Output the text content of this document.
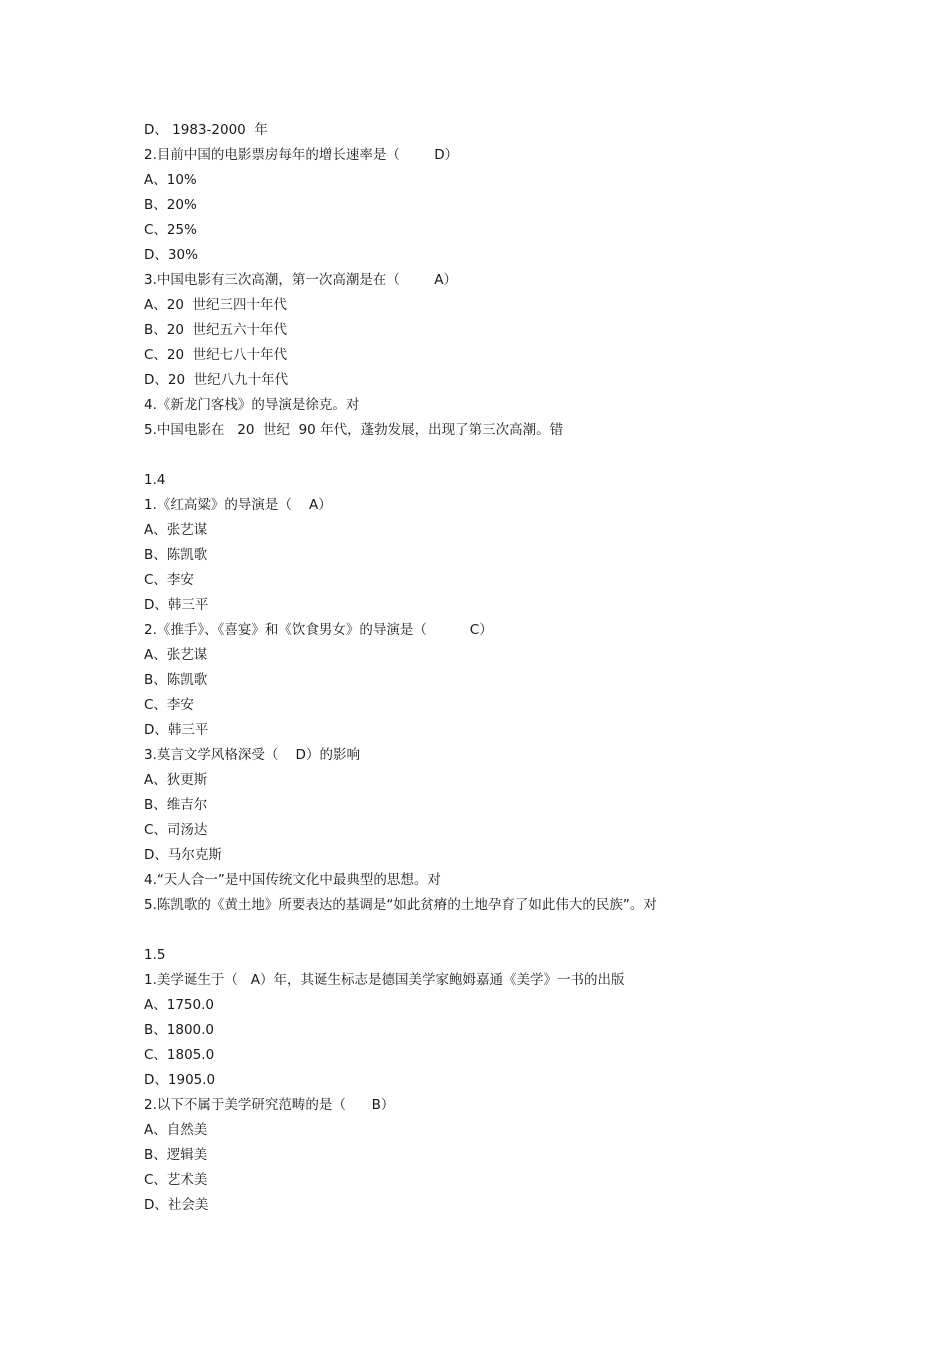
D、 1983-2000  年
2.目前中国的电影票房每年的增长速率是（        D）
A、10%
B、20%
C、25%
D、30%
3.中国电影有三次高潮，第一次高潮是在（        A）
A、20  世纪三四十年代
B、20  世纪五六十年代
C、20  世纪七八十年代
D、20  世纪八九十年代
4.《新龙门客栈》的导演是徐克。对
5.中国电影在   20  世纪  90 年代，蓬勃发展，出现了第三次高潮。错
1.4
1.《红高粱》的导演是（    A）
A、张艺谋
B、陈凯歌
C、李安
D、韩三平
2.《推手》、《喜宴》和《饮食男女》的导演是（          C）
A、张艺谋
B、陈凯歌
C、李安
D、韩三平
3.莫言文学风格深受（    D）的影响
A、狄更斯
B、维吉尔
C、司汤达
D、马尔克斯
4.“天人合一”是中国传统文化中最典型的思想。对
5.陈凯歌的《黄土地》所要表达的基调是“如此贫瘠的土地孕育了如此伟大的民族”。对
1.5
1.美学诞生于（   A）年，其诞生标志是德国美学家鲍姆嘉通《美学》一书的出版
A、1750.0
B、1800.0
C、1805.0
D、1905.0
2.以下不属于美学研究范畴的是（      B）
A、自然美
B、逻辑美
C、艺术美
D、社会美
